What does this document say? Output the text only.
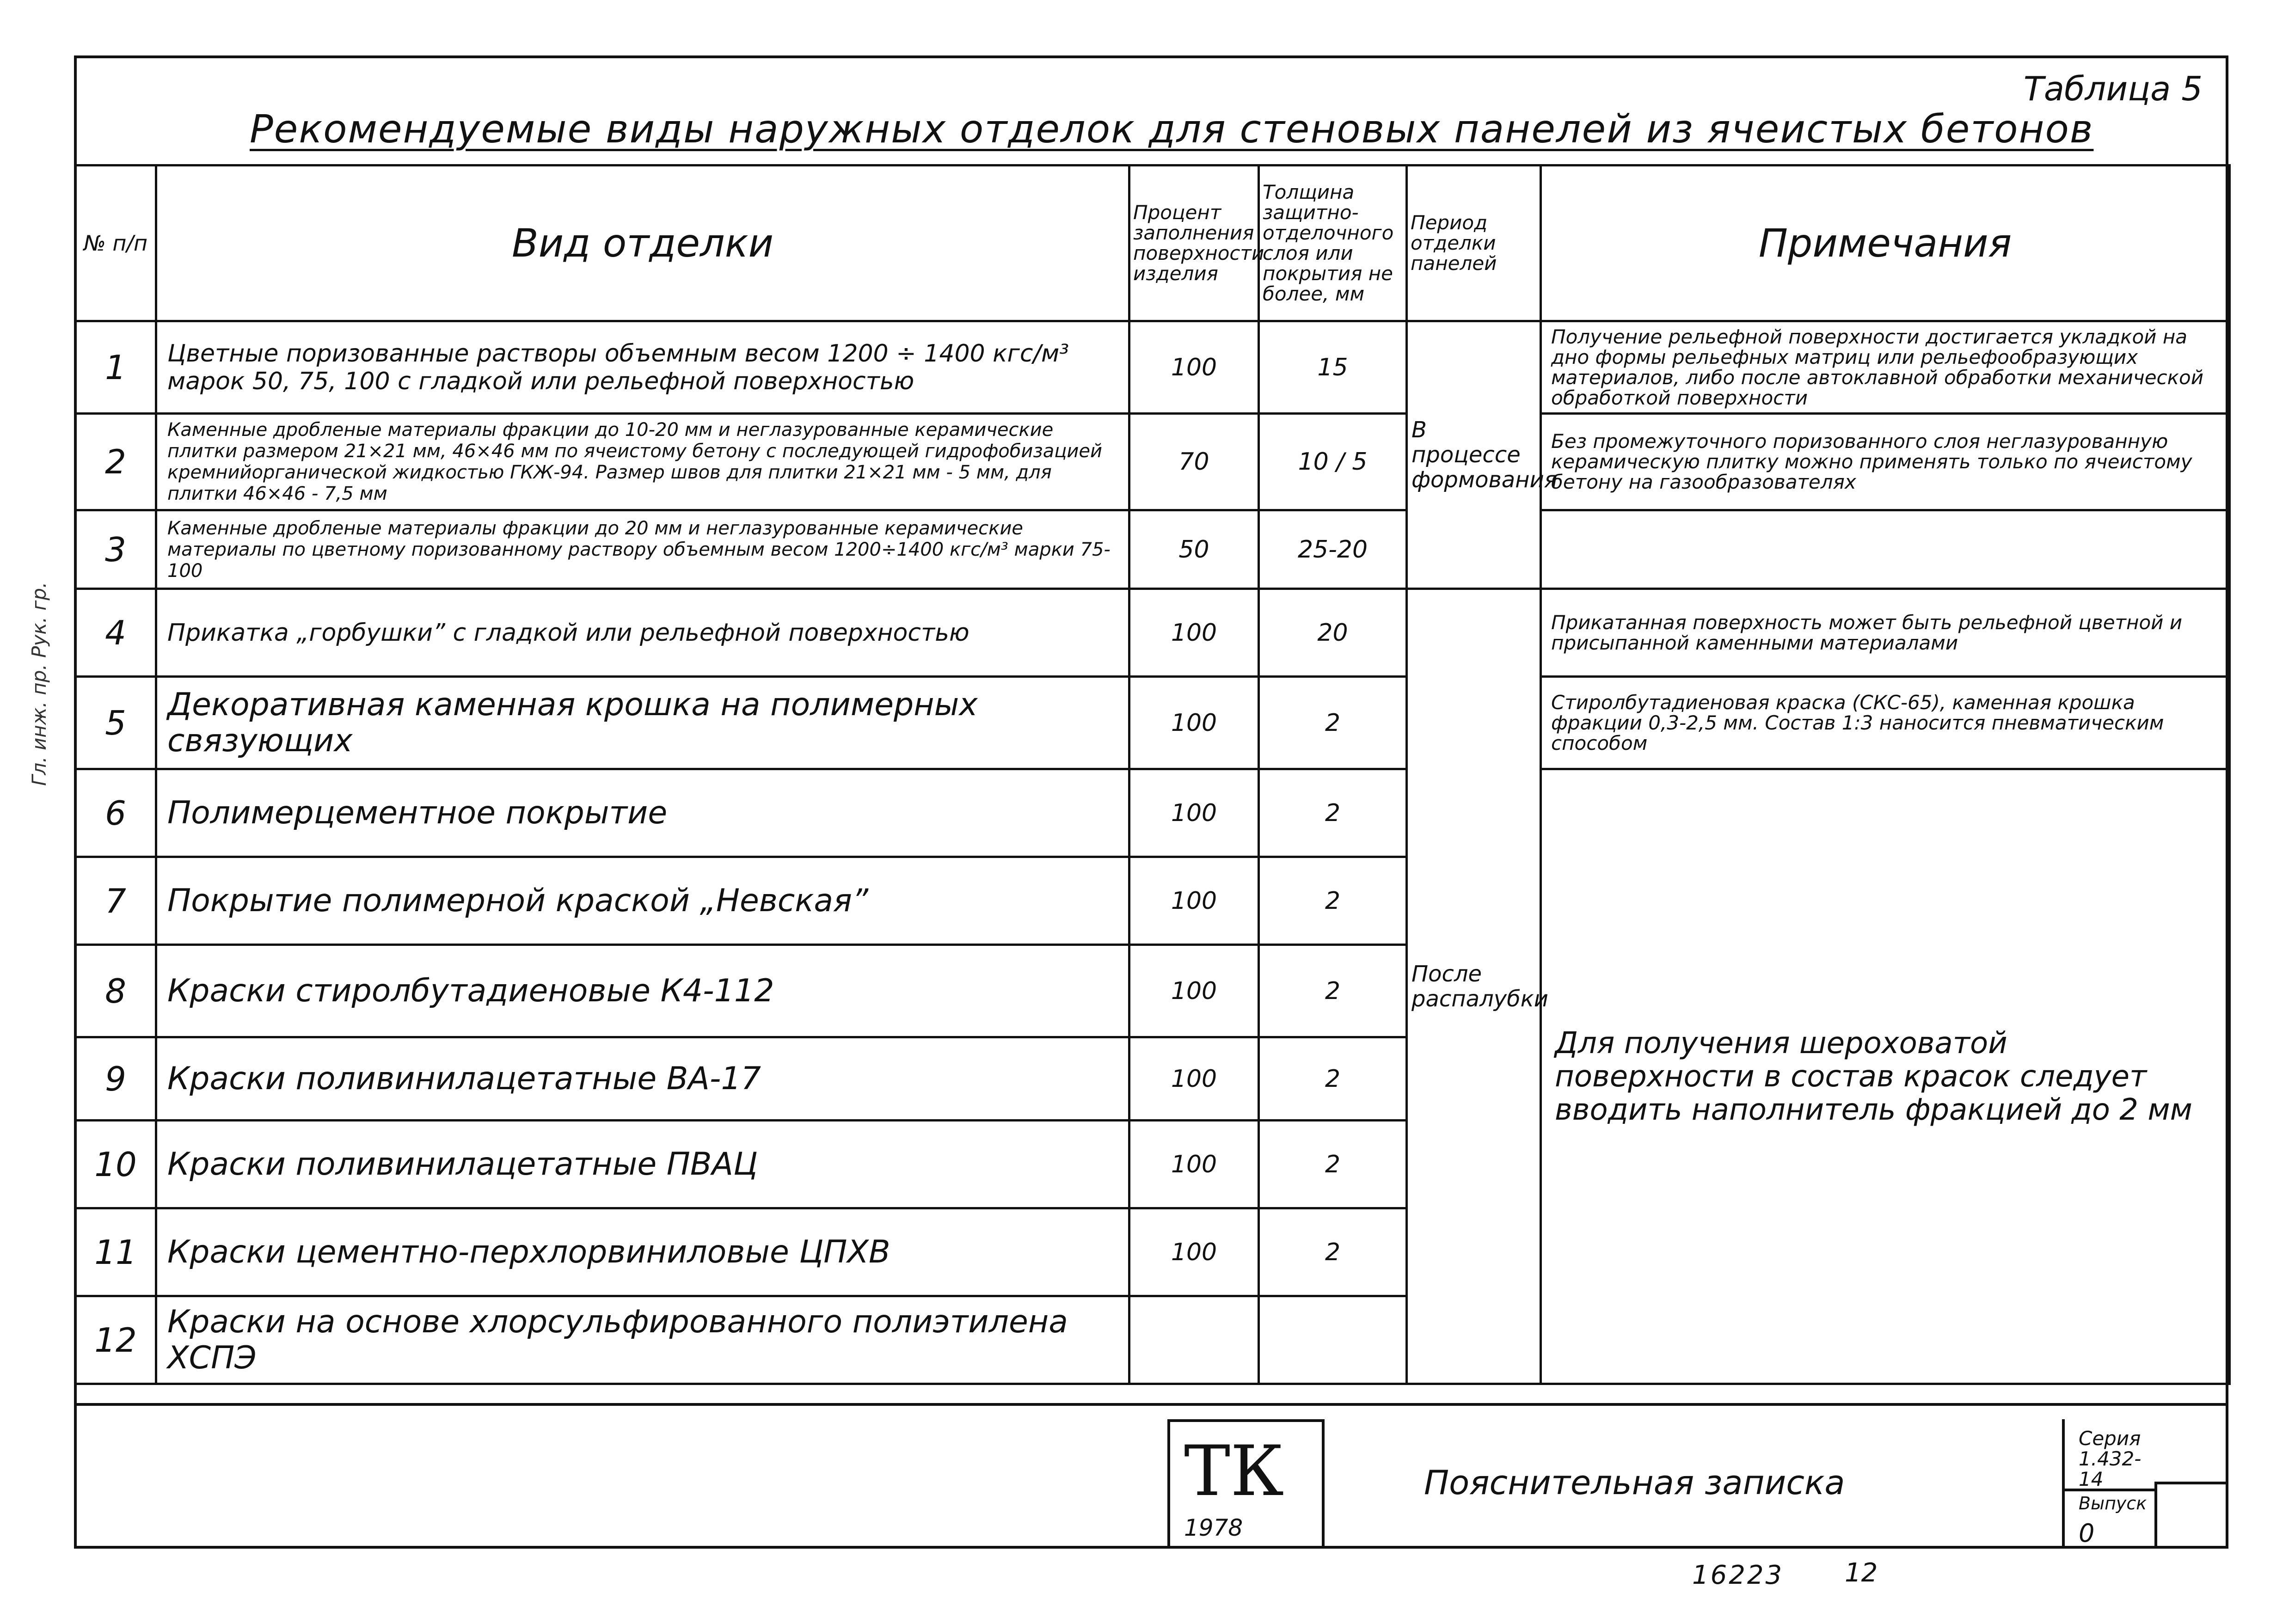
Таблица 5
Рекомендуемые виды наружных отделок для стеновых панелей из ячеистых бетонов
№ п/п	Вид отделки	Процент заполнения поверхности изделия	Толщина защитно-отделочного слоя или покрытия не более, мм	Период отделки панелей	Примечания
1	Цветные поризованные растворы объемным весом 1200 ÷ 1400 кгс/м³ марок 50, 75, 100 с гладкой или рельефной поверхностью	100	15	В процессе формования	Получение рельефной поверхности достигается укладкой на дно формы рельефных матриц или рельефообразующих материалов, либо после автоклавной обработки механической обработкой поверхности
2	Каменные дробленые материалы фракции до 10-20 мм и неглазурованные керамические плитки размером 21×21 мм, 46×46 мм по ячеистому бетону с последующей гидрофобизацией кремнийорганической жидкостью ГКЖ-94. Размер швов для плитки 21×21 мм - 5 мм, для плитки 46×46 - 7,5 мм	70	10 / 5		Без промежуточного поризованного слоя неглазурованную керамическую плитку можно применять только по ячеистому бетону на газообразователях
3	Каменные дробленые материалы фракции до 20 мм и неглазурованные керамические материалы по цветному поризованному раствору объемным весом 1200÷1400 кгс/м³ марки 75-100	50	25-20		
4	Прикатка „горбушки” с гладкой или рельефной поверхностью	100	20	После распалубки	Прикатанная поверхность может быть рельефной цветной и присыпанной каменными материалами
5	Декоративная каменная крошка на полимерных связующих	100	2		Стиролбутадиеновая краска (СКС-65), каменная крошка фракции 0,3-2,5 мм. Состав 1:3 наносится пневматическим способом
6	Полимерцементное покрытие	100	2		Для получения шероховатой поверхности в состав красок следует вводить наполнитель фракцией до 2 мм

7	Покрытие полимерной краской „Невская”	100	2		
8	Краски стиролбутадиеновые К4-112	100	2		
9	Краски поливинилацетатные ВА-17	100	2		
10	Краски поливинилацетатные ПВАЦ	100	2		
11	Краски цементно-перхлорвиниловые ЦПХВ	100	2		
12	Краски на основе хлорсульфированного полиэтилена ХСПЭ				
ТК
1978
Пояснительная записка
Серия
1.432-14
Выпуск
0
16223 12
Гл. инж. пр. Рук. гр.
